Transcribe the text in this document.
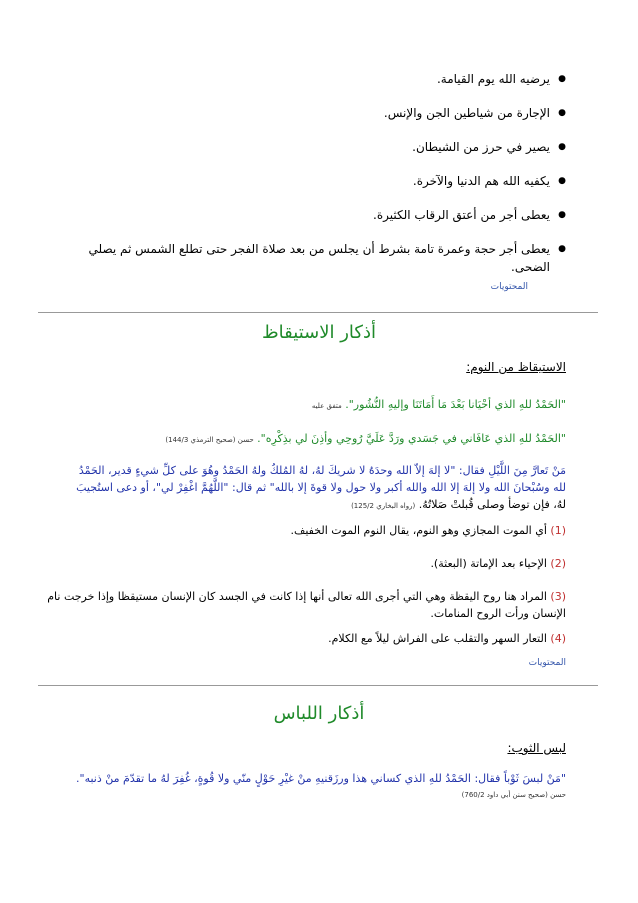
● يرضيه الله يوم القيامة.
● الإجارة من شياطين الجن والإنس.
● يصير في حرز من الشيطان.
● يكفيه الله هم الدنيا والآخرة.
● يعطى أجر من أعتق الرقاب الكثيرة.
● يعطى أجر حجة وعمرة تامة بشرط أن يجلس من بعد صلاة الفجر حتى تطلع الشمس ثم يصلي الضحى.
المحتويات
أذكار الاستيقاظ
الاستيقاظ من النوم:
"الحَمْدُ للهِ الذي أحْيَانا بَعْدَ مَا أَمَاتَنَا وإليهِ النُّشُور". متفق عليه
"الحَمْدُ للهِ الذي عَافَاني في جَسَدي ورَدَّ عَلَيَّ رُوحِي وأذِنَ لي بذِكْرِه". حسن (صحيح الترمذي 144/3)
مَنْ تَعارَّ مِنَ اللَّيْلِ فقال: "لا إلهَ إلاّ الله وحدَهُ لا شريكَ لهُ، لهُ المُلكُ ولهُ الحَمْدُ وهُوَ على كلِّ شيءٍ قدير، الحَمْدُ
لله وسُبْحانَ الله ولا إلهَ إلا الله والله أكبر ولا حول ولا قوةَ إلا بالله" ثم قال: "اللَّهُمَّ اغْفِرْ لي"، أو دعى استُجيبَ
لهُ، فإن توضأ وصلى قُبلتْ صَلاتُهُ. (رواه البخاري 125/2)
(1) أي الموت المجازي وهو النوم، يقال النوم الموت الخفيف.
(2) الإحياء بعد الإماتة (البعثة).
(3) المراد هنا روح اليقظة وهي التي أجرى الله تعالى أنها إذا كانت في الجسد كان الإنسان مستيقظا وإذا خرجت نام
الإنسان ورأت الروح المنامات.
(4) التعار السهر والتقلب على الفراش ليلاً مع الكلام.
المحتويات
أذكار اللباس
لبس الثوب:
"مَنْ لبسَ ثَوْباً فقال: الحَمْدُ للهِ الذي كساني هذا ورزَقنيهِ منْ غيْرِ حَوْلٍ منّي ولا قُوةٍ، غُفِرَ لهُ ما تقدّمَ منْ ذنبه".
حسن (صحيح سنن أبي داود 760/2)
